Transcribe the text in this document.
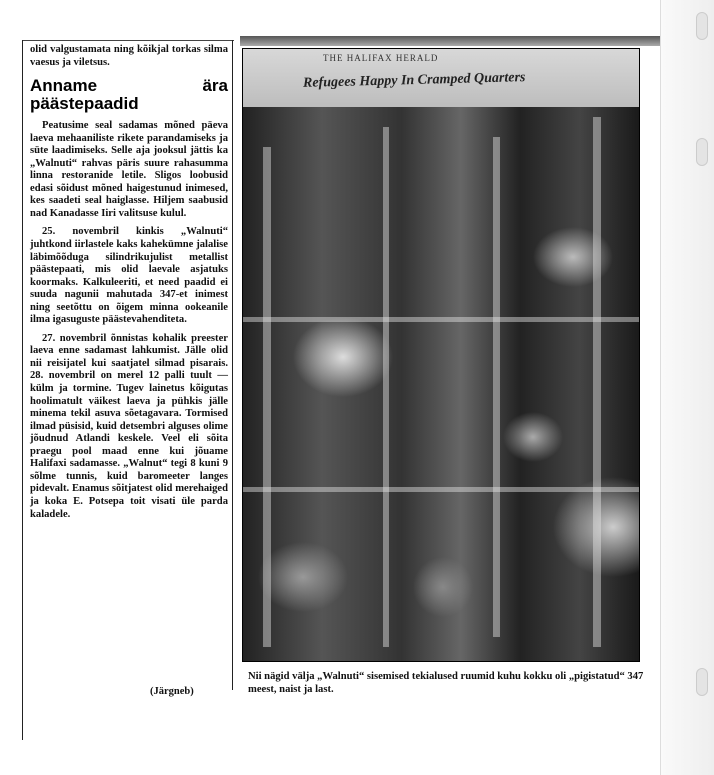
olid valgustamata ning kõikjal torkas silma vaesus ja viletsus.

Anname ära päästepaadid

Peatusime seal sadamas mõned päeva laeva mehaaniliste rikete parandamiseks ja süte laadimiseks. Selle aja jooksul jättis ka „Walnuti“ rahvas päris suure rahasumma linna restoranide letile. Sligos loobusid edasi sõidust mõned haigestunud inimesed, kes saadeti seal haiglasse. Hiljem saabusid nad Kanadasse Iiri valitsuse kulul.

25. novembril kinkis „Walnuti“ juhtkond iirlastele kaks kahekümne jalalise läbimõõduga silindrikujulist metallist päästepaati, mis olid laevale asjatuks koormaks. Kalkuleeriti, et need paadid ei suuda nagunii mahutada 347-et inimest ning seetõttu on õigem minna ookeanile ilma igasuguste päästevahenditeta.

27. novembril õnnistas kohalik preester laeva enne sadamast lahkumist. Jälle olid nii reisijatel kui saatjatel silmad pisarais. 28. novembril on merel 12 palli tuult — külm ja tormine. Tugev lainetus kõigutas hoolimatult väikest laeva ja pühkis jälle minema tekil asuva sõetagavara. Tormised ilmad püsisid, kuid detsembri alguses olime jõudnud Atlandi keskele. Veel eli sõita praegu pool maad enne kui jõuame Halifaxi sadamasse. „Walnut“ tegi 8 kuni 9 sõlme tunnis, kuid baromeeter langes pidevalt. Enamus sõitjatest olid merehaiged ja koka E. Potsepa toit visati üle parda kaladele.

(Järgneb)
THE HALIFAX HERALD
Refugees Happy In Cramped Quarters
Nii nägid välja „Walnuti“ sisemised tekialused ruumid kuhu kokku oli „pigistatud“ 347 meest, naist ja last.
